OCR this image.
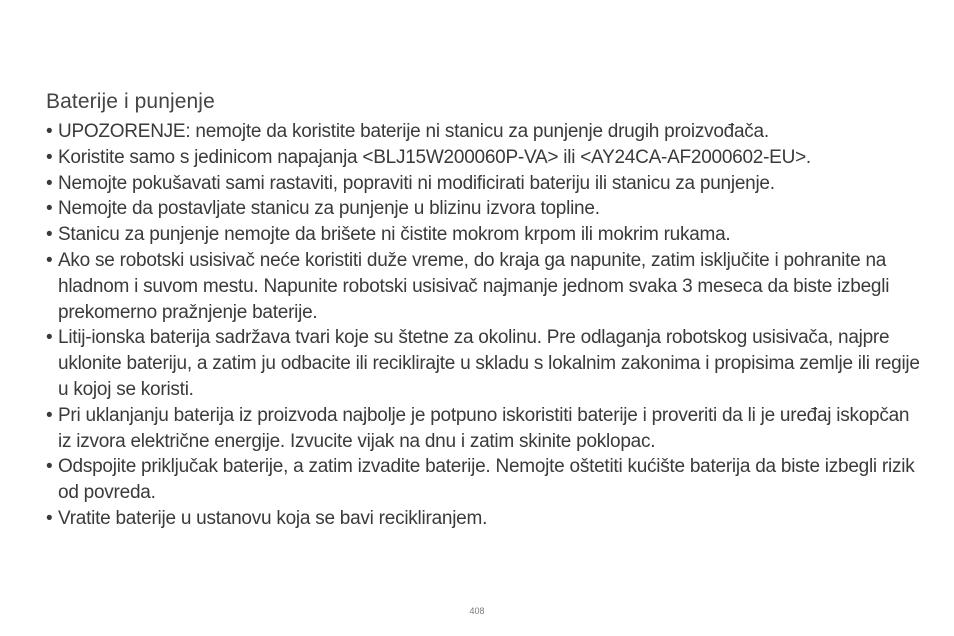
Baterije i punjenje
• UPOZORENJE: nemojte da koristite baterije ni stanicu za punjenje drugih proizvođača.
• Koristite samo s jedinicom napajanja <BLJ15W200060P-VA> ili <AY24CA-AF2000602-EU>.
• Nemojte pokušavati sami rastaviti, popraviti ni modificirati bateriju ili stanicu za punjenje.
• Nemojte da postavljate stanicu za punjenje u blizinu izvora topline.
• Stanicu za punjenje nemojte da brišete ni čistite mokrom krpom ili mokrim rukama.
• Ako se robotski usisivač neće koristiti duže vreme, do kraja ga napunite, zatim isključite i pohranite na hladnom i suvom mestu. Napunite robotski usisivač najmanje jednom svaka 3 meseca da biste izbegli prekomerno pražnjenje baterije.
• Litij-ionska baterija sadržava tvari koje su štetne za okolinu. Pre odlaganja robotskog usisivača, najpre uklonite bateriju, a zatim ju odbacite ili reciklirajte u skladu s lokalnim zakonima i propisima zemlje ili regije u kojoj se koristi.
• Pri uklanjanju baterija iz proizvoda najbolje je potpuno iskoristiti baterije i proveriti da li je uređaj iskopčan iz izvora električne energije. Izvucite vijak na dnu i zatim skinite poklopac.
• Odspojite priključak baterije, a zatim izvadite baterije. Nemojte oštetiti kućište baterija da biste izbegli rizik od povreda.
• Vratite baterije u ustanovu koja se bavi recikliranjem.
408
